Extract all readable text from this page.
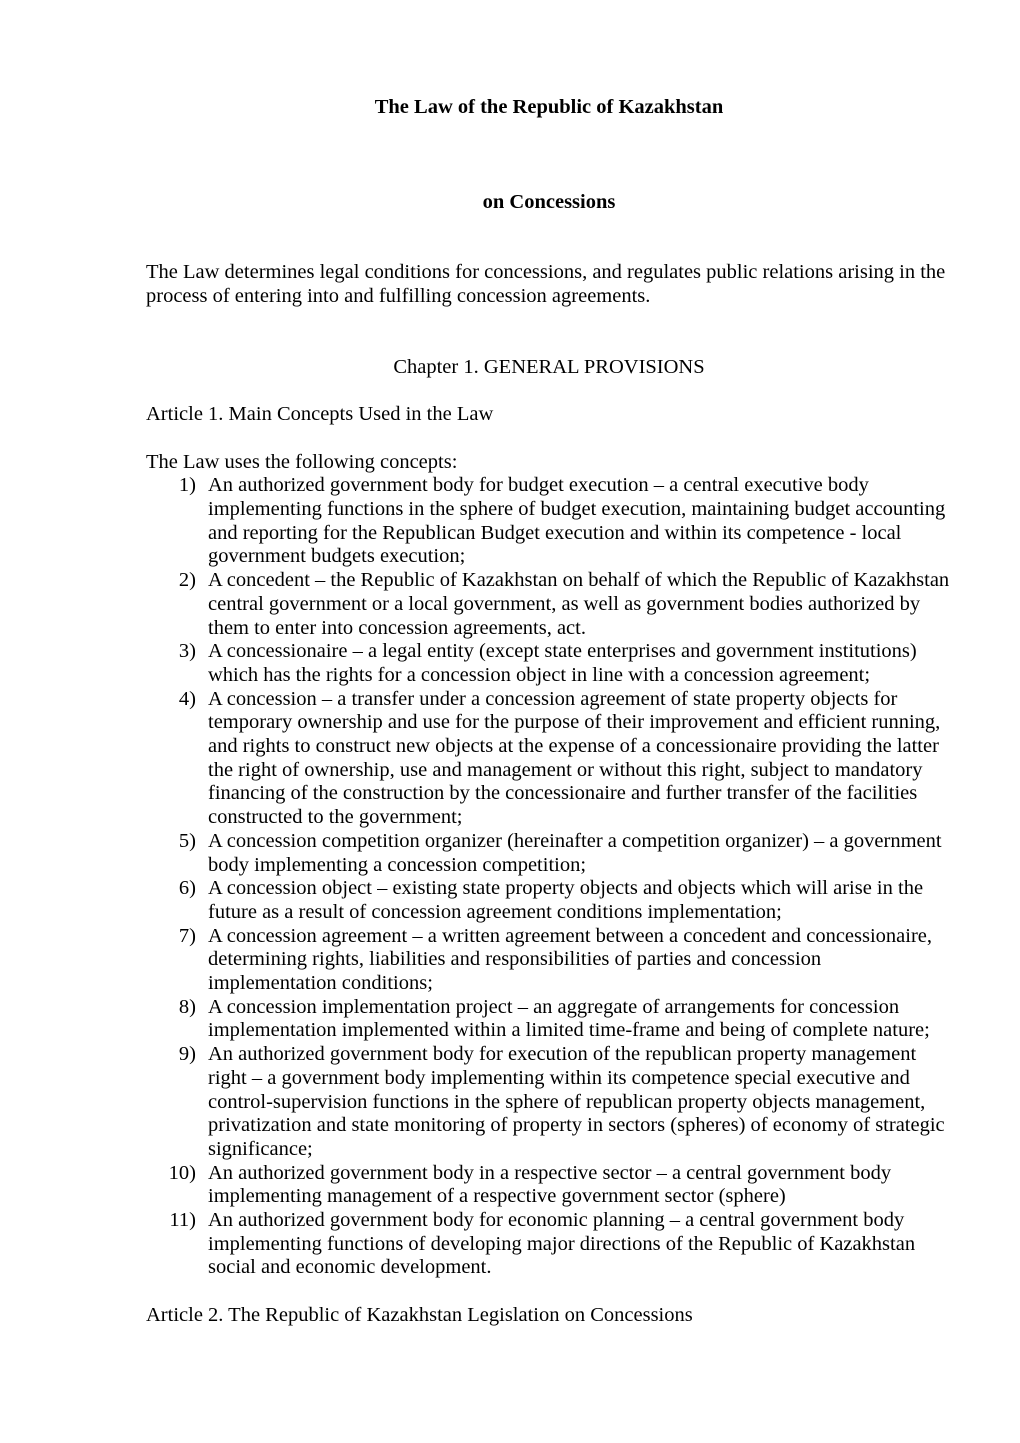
The Law of the Republic of Kazakhstan
on Concessions

The Law determines legal conditions for concessions, and regulates public relations arising in the process of entering into and fulfilling concession agreements.

Chapter 1. GENERAL PROVISIONS
Article 1. Main Concepts Used in the Law
The Law uses the following concepts:
1) An authorized government body for budget execution – a central executive body implementing functions in the sphere of budget execution, maintaining budget accounting and reporting for the Republican Budget execution and within its competence - local government budgets execution;
2) A concedent – the Republic of Kazakhstan on behalf of which the Republic of Kazakhstan central government or a local government, as well as government bodies authorized by them to enter into concession agreements, act.
3) A concessionaire – a legal entity (except state enterprises and government institutions) which has the rights for a concession object in line with a concession agreement;
4) A concession – a transfer under a concession agreement of state property objects for temporary ownership and use for the purpose of their improvement and efficient running, and rights to construct new objects at the expense of a concessionaire providing the latter the right of ownership, use and management or without this right, subject to mandatory financing of the construction by the concessionaire and further transfer of the facilities constructed to the government;
5) A concession competition organizer (hereinafter a competition organizer) – a government body implementing a concession competition;
6) A concession object – existing state property objects and objects which will arise in the future as a result of concession agreement conditions implementation;
7) A concession agreement – a written agreement between a concedent and concessionaire, determining rights, liabilities and responsibilities of parties and concession implementation conditions;
8) A concession implementation project – an aggregate of arrangements for concession implementation implemented within a limited time-frame and being of complete nature;
9) An authorized government body for execution of the republican property management right – a government body implementing within its competence special executive and control-supervision functions in the sphere of republican property objects management, privatization and state monitoring of property in sectors (spheres) of economy of strategic significance;
10) An authorized government body in a respective sector – a central government body implementing management of a respective government sector (sphere)
11) An authorized government body for economic planning – a central government body implementing functions of developing major directions of the Republic of Kazakhstan social and economic development.
Article 2. The Republic of Kazakhstan Legislation on Concessions
